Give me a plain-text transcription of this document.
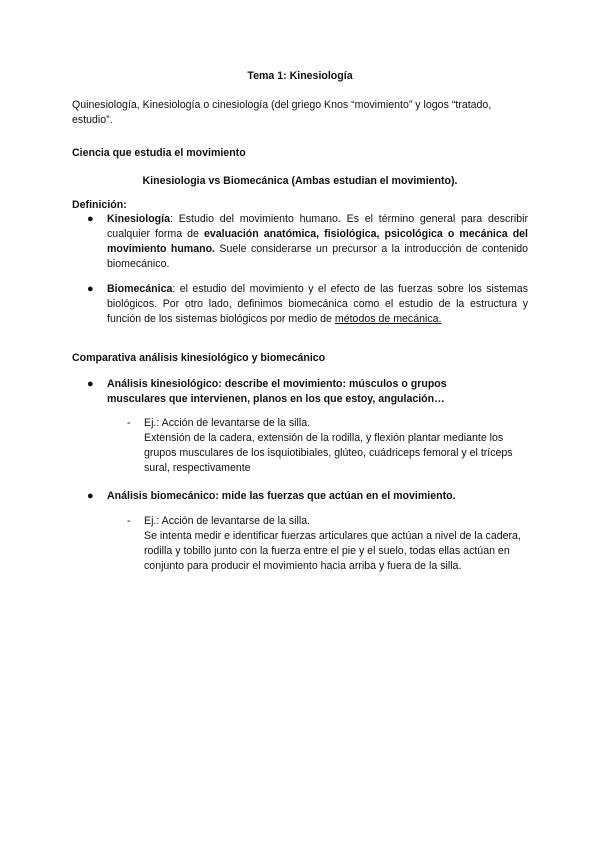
Tema 1: Kinesiología
Quinesiología, Kinesiología o cinesiología (del griego Knos “movimiento” y logos “tratado, estudio”.
Ciencia que estudia el movimiento
Kinesiologia vs Biomecánica (Ambas estudian el movimiento).
Definición:
● Kinesiología: Estudio del movimiento humano. Es el término general para describir cualquier forma de evaluación anatómica, fisiológica, psicológica o mecánica del movimiento humano. Suele considerarse un precursor a la introducción de contenido biomecánico.
● Biomecánica: el estudio del movimiento y el efecto de las fuerzas sobre los sistemas biológicos. Por otro lado, definimos biomecánica como el estudio de la estructura y función de los sistemas biológicos por medio de métodos de mecánica.
Comparativa análisis kinesiológico y biomecánico
● Análisis kinesiológico: describe el movimiento: músculos o grupos musculares que intervienen, planos en los que estoy, angulación…
- Ej.: Acción de levantarse de la silla.
Extensión de la cadera, extensión de la rodilla, y flexión plantar mediante los grupos musculares de los isquiotibiales, glúteo, cuádriceps femoral y el tríceps sural, respectivamente
● Análisis biomecánico: mide las fuerzas que actúan en el movimiento.
- Ej.: Acción de levantarse de la silla.
Se intenta medir e identificar fuerzas articulares que actúan a nivel de la cadera, rodilla y tobillo junto con la fuerza entre el pie y el suelo, todas ellas actúan en conjunto para producir el movimiento hacia arriba y fuera de la silla.
